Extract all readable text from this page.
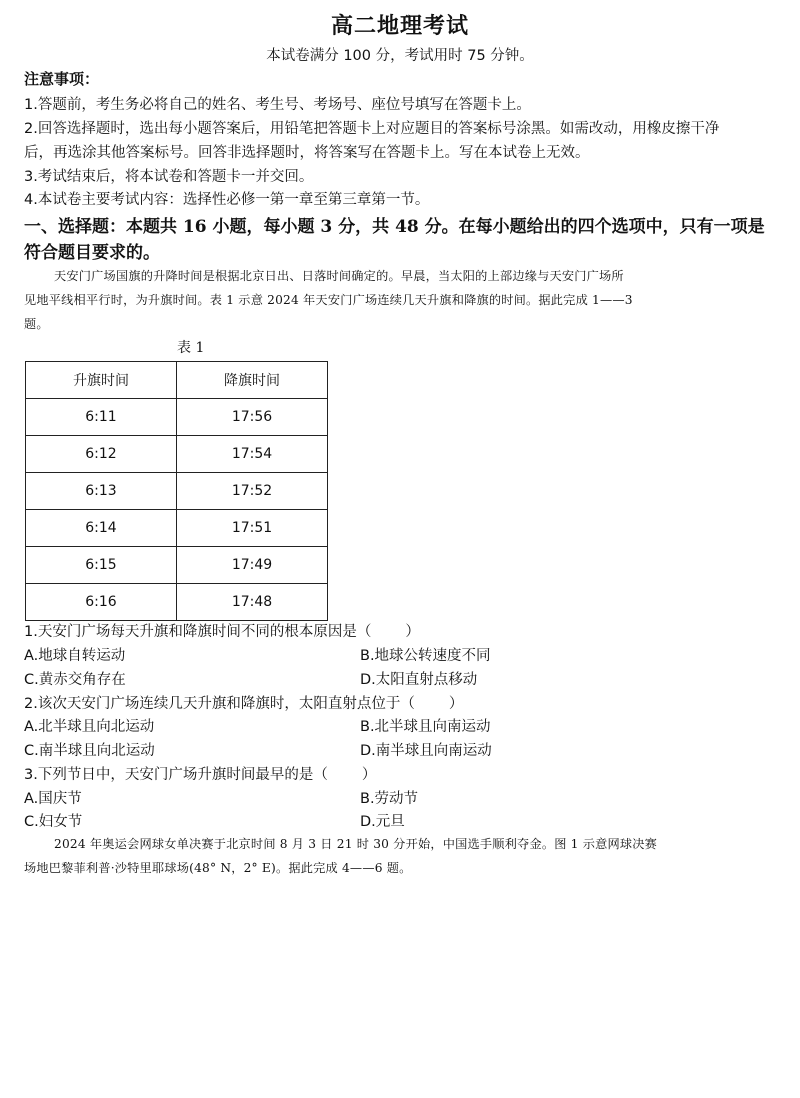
高二地理考试
本试卷满分 100 分，考试用时 75 分钟。
注意事项：
1.答题前，考生务必将自己的姓名、考生号、考场号、座位号填写在答题卡上。
2.回答选择题时，选出每小题答案后，用铅笔把答题卡上对应题目的答案标号涂黑。如需改动，用橡皮擦干净
后，再选涂其他答案标号。回答非选择题时，将答案写在答题卡上。写在本试卷上无效。
3.考试结束后，将本试卷和答题卡一并交回。
4.本试卷主要考试内容：选择性必修一第一章至第三章第一节。
一、选择题：本题共 16 小题，每小题 3 分，共 48 分。在每小题给出的四个选项中，只有一项是
符合题目要求的。
天安门广场国旗的升降时间是根据北京日出、日落时间确定的。早晨，当太阳的上部边缘与天安门广场所
见地平线相平行时，为升旗时间。表 1 示意 2024 年天安门广场连续几天升旗和降旗的时间。据此完成 1——3
题。
表 1
升旗时间	降旗时间
6:11	17:56
6:12	17:54
6:13	17:52
6:14	17:51
6:15	17:49
6:16	17:48
1.天安门广场每天升旗和降旗时间不同的根本原因是（ ）
A.地球自转运动	B.地球公转速度不同
C.黄赤交角存在	D.太阳直射点移动
2.该次天安门广场连续几天升旗和降旗时，太阳直射点位于（ ）
A.北半球且向北运动	B.北半球且向南运动
C.南半球且向北运动	D.南半球且向南运动
3.下列节日中，天安门广场升旗时间最早的是（ ）
A.国庆节	B.劳动节
C.妇女节	D.元旦
2024 年奥运会网球女单决赛于北京时间 8 月 3 日 21 时 30 分开始，中国选手顺利夺金。图 1 示意网球决赛
场地巴黎菲利普·沙特里耶球场(48° N，2° E)。据此完成 4——6 题。
